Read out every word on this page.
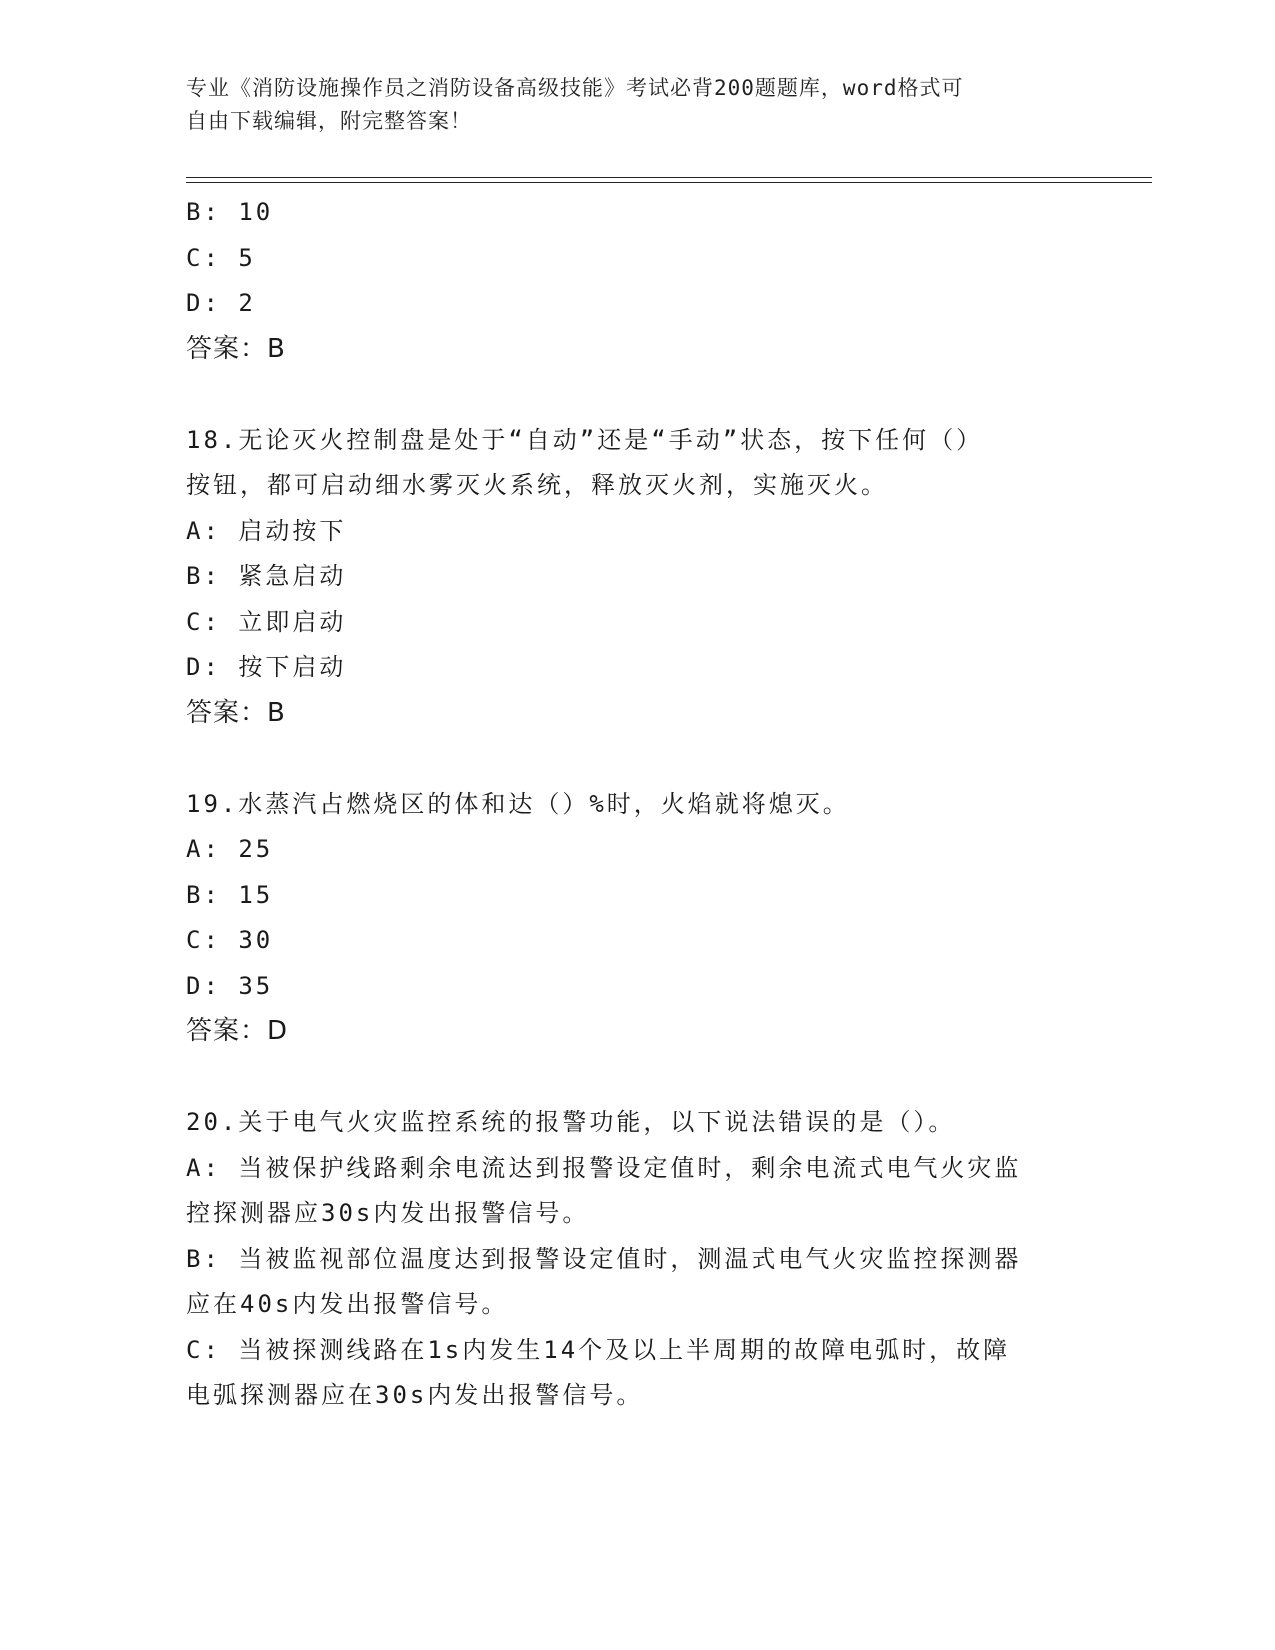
专业《消防设施操作员之消防设备高级技能》考试必背200题题库，word格式可
自由下载编辑，附完整答案！
B: 10
C: 5
D: 2
答案：B
18.无论灭火控制盘是处于“自动”还是“手动”状态，按下任何（）
按钮，都可启动细水雾灭火系统，释放灭火剂，实施灭火。
A: 启动按下
B: 紧急启动
C: 立即启动
D: 按下启动
答案：B
19.水蒸汽占燃烧区的体和达（）%时，火焰就将熄灭。
A: 25
B: 15
C: 30
D: 35
答案：D
20.关于电气火灾监控系统的报警功能，以下说法错误的是（）。
A: 当被保护线路剩余电流达到报警设定值时，剩余电流式电气火灾监
控探测器应30s内发出报警信号。
B: 当被监视部位温度达到报警设定值时，测温式电气火灾监控探测器
应在40s内发出报警信号。
C: 当被探测线路在1s内发生14个及以上半周期的故障电弧时，故障
电弧探测器应在30s内发出报警信号。
